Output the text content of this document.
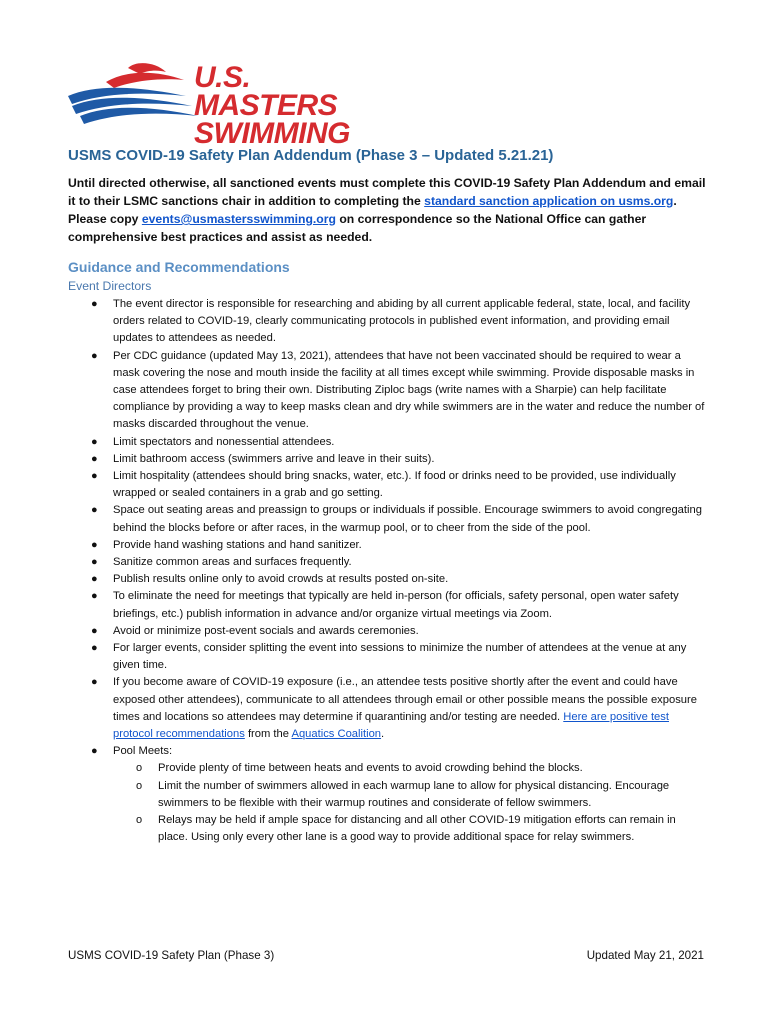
U.S. MASTERS
SWIMMING
USMS COVID-19 Safety Plan Addendum (Phase 3 – Updated 5.21.21)

Until directed otherwise, all sanctioned events must complete this COVID-19 Safety Plan Addendum and email it to their LSMC sanctions chair in addition to completing the standard sanction application on usms.org. Please copy events@usmastersswimming.org on correspondence so the National Office can gather comprehensive best practices and assist as needed.

Guidance and Recommendations
Event Directors
● The event director is responsible for researching and abiding by all current applicable federal, state, local, and facility orders related to COVID-19, clearly communicating protocols in published event information, and providing email updates to attendees as needed.
● Per CDC guidance (updated May 13, 2021), attendees that have not been vaccinated should be required to wear a mask covering the nose and mouth inside the facility at all times except while swimming. Provide disposable masks in case attendees forget to bring their own. Distributing Ziploc bags (write names with a Sharpie) can help facilitate compliance by providing a way to keep masks clean and dry while swimmers are in the water and reduce the number of masks discarded throughout the venue.
● Limit spectators and nonessential attendees.
● Limit bathroom access (swimmers arrive and leave in their suits).
● Limit hospitality (attendees should bring snacks, water, etc.). If food or drinks need to be provided, use individually wrapped or sealed containers in a grab and go setting.
● Space out seating areas and preassign to groups or individuals if possible. Encourage swimmers to avoid congregating behind the blocks before or after races, in the warmup pool, or to cheer from the side of the pool.
● Provide hand washing stations and hand sanitizer.
● Sanitize common areas and surfaces frequently.
● Publish results online only to avoid crowds at results posted on-site.
● To eliminate the need for meetings that typically are held in-person (for officials, safety personal, open water safety briefings, etc.) publish information in advance and/or organize virtual meetings via Zoom.
● Avoid or minimize post-event socials and awards ceremonies.
● For larger events, consider splitting the event into sessions to minimize the number of attendees at the venue at any given time.
● If you become aware of COVID-19 exposure (i.e., an attendee tests positive shortly after the event and could have exposed other attendees), communicate to all attendees through email or other possible means the possible exposure times and locations so attendees may determine if quarantining and/or testing are needed. Here are positive test protocol recommendations from the Aquatics Coalition.
● Pool Meets:
o Provide plenty of time between heats and events to avoid crowding behind the blocks.
o Limit the number of swimmers allowed in each warmup lane to allow for physical distancing. Encourage swimmers to be flexible with their warmup routines and considerate of fellow swimmers.
o Relays may be held if ample space for distancing and all other COVID-19 mitigation efforts can remain in place. Using only every other lane is a good way to provide additional space for relay swimmers.
USMS COVID-19 Safety Plan (Phase 3)	Updated May 21, 2021
